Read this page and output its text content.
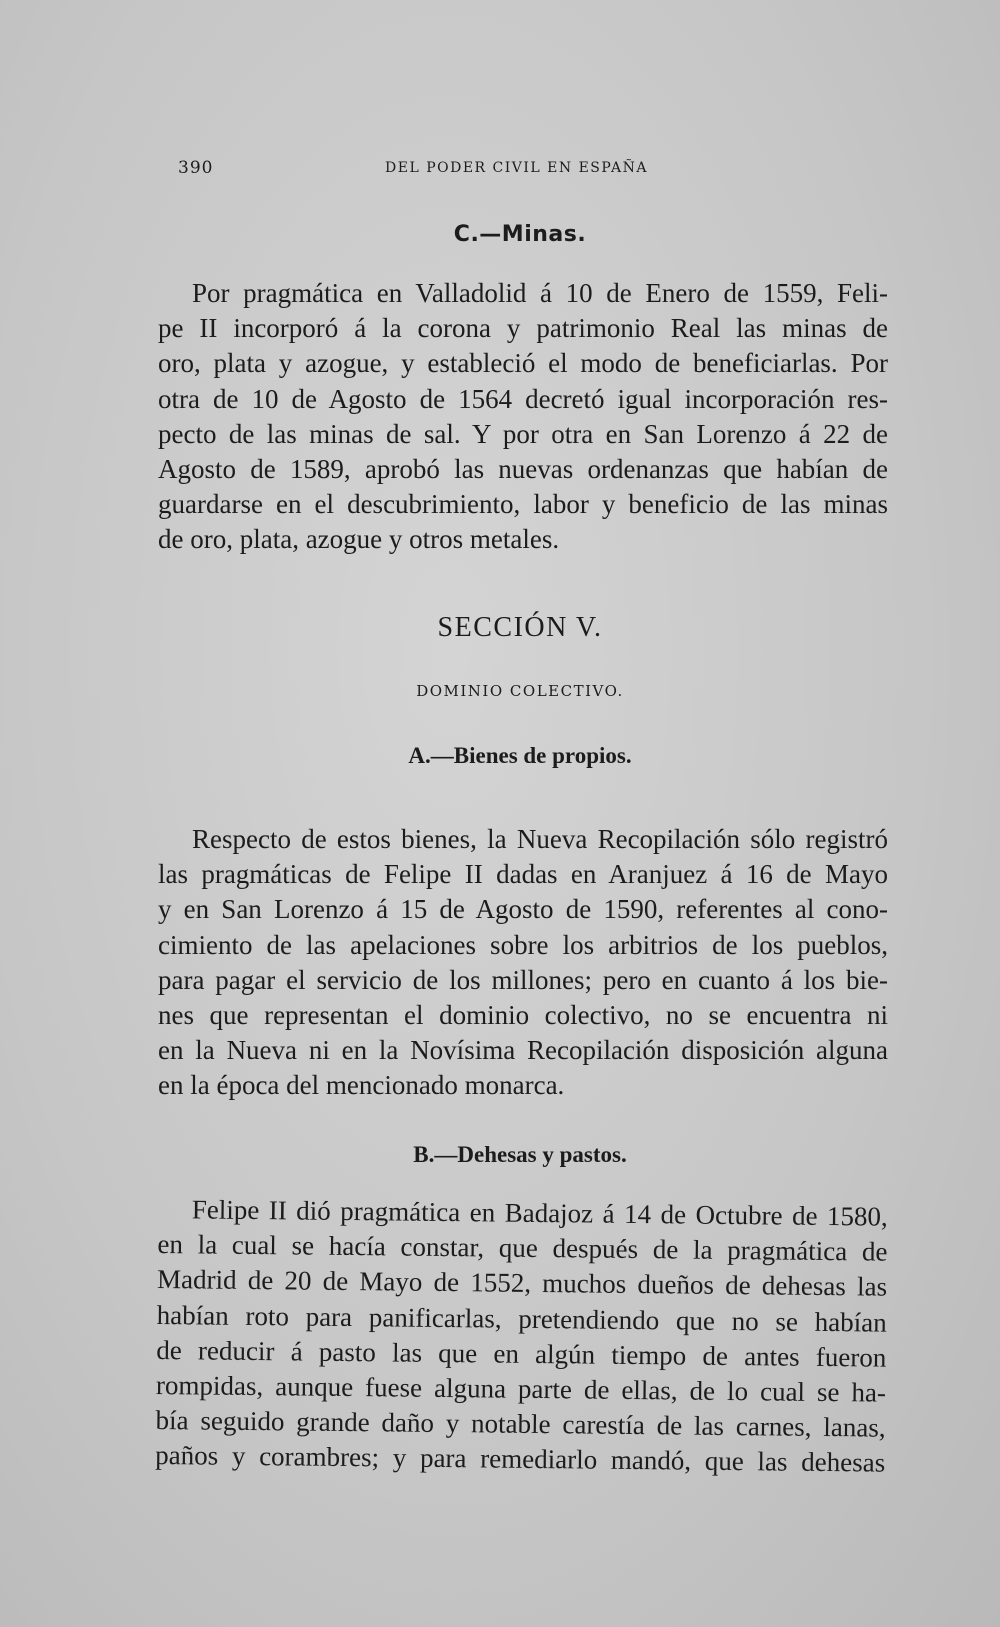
390	DEL PODER CIVIL EN ESPAÑA
C.—Minas.
Por pragmática en Valladolid á 10 de Enero de 1559, Feli-
pe II incorporó á la corona y patrimonio Real las minas de
oro, plata y azogue, y estableció el modo de beneficiarlas. Por
otra de 10 de Agosto de 1564 decretó igual incorporación res-
pecto de las minas de sal. Y por otra en San Lorenzo á 22 de
Agosto de 1589, aprobó las nuevas ordenanzas que habían de
guardarse en el descubrimiento, labor y beneficio de las minas
de oro, plata, azogue y otros metales.
SECCIÓN V.
DOMINIO COLECTIVO.
A.—Bienes de propios.
Respecto de estos bienes, la Nueva Recopilación sólo registró
las pragmáticas de Felipe II dadas en Aranjuez á 16 de Mayo
y en San Lorenzo á 15 de Agosto de 1590, referentes al cono-
cimiento de las apelaciones sobre los arbitrios de los pueblos,
para pagar el servicio de los millones; pero en cuanto á los bie-
nes que representan el dominio colectivo, no se encuentra ni
en la Nueva ni en la Novísima Recopilación disposición alguna
en la época del mencionado monarca.
B.—Dehesas y pastos.
Felipe II dió pragmática en Badajoz á 14 de Octubre de 1580,
en la cual se hacía constar, que después de la pragmática de
Madrid de 20 de Mayo de 1552, muchos dueños de dehesas las
habían roto para panificarlas, pretendiendo que no se habían
de reducir á pasto las que en algún tiempo de antes fueron
rompidas, aunque fuese alguna parte de ellas, de lo cual se ha-
bía seguido grande daño y notable carestía de las carnes, lanas,
paños y corambres; y para remediarlo mandó, que las dehesas
